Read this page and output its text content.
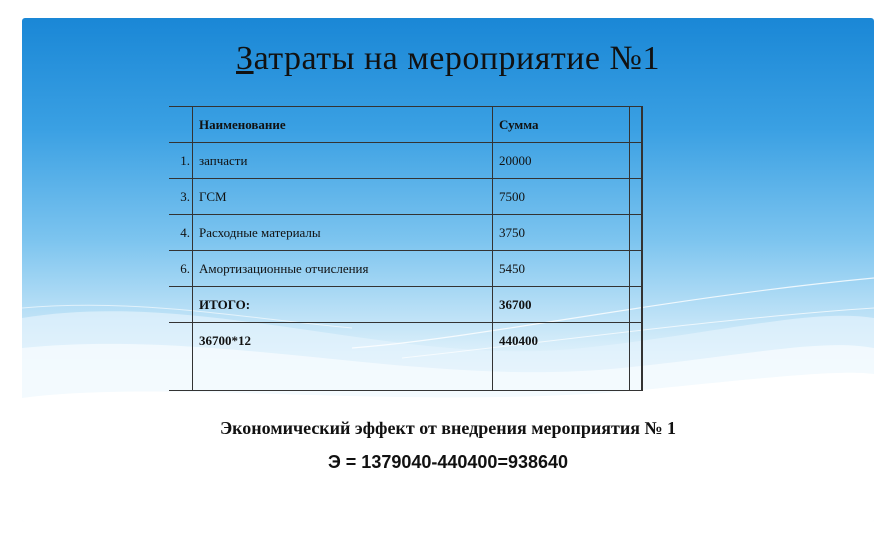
Затраты на мероприятие №1
	Наименование	Сумма		
1.	запчасти	20000		
3.	ГСМ	7500		
4.	Расходные материалы	3750		
6.	Амортизационные отчисления	5450		
	ИТОГО:	36700		
	36700*12	440400		
Экономический эффект от внедрения мероприятия № 1
Э = 1379040-440400=938640
